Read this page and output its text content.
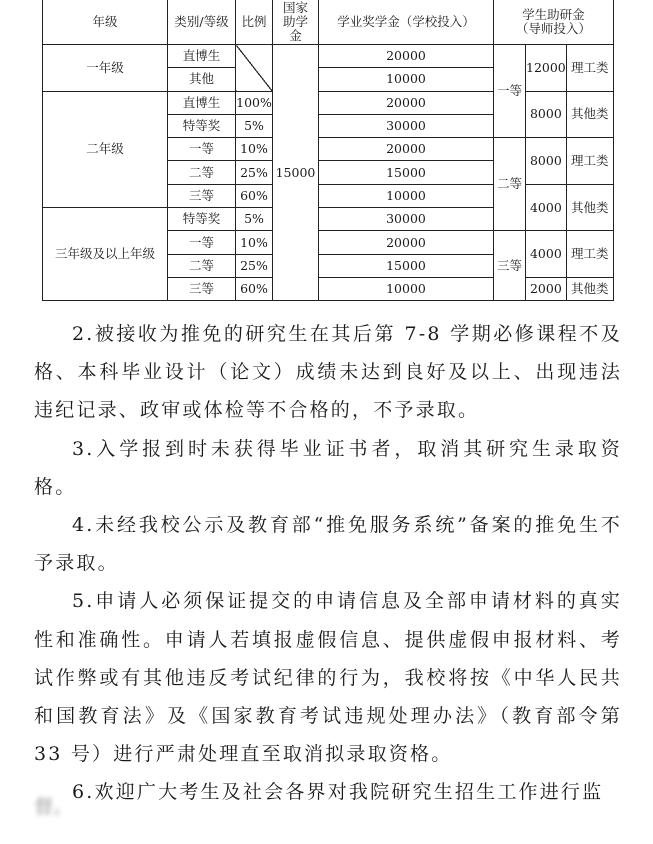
年级	类别/等级	比例	国家助学金	学业奖学金（学校投入）	学生助研金
（导师投入）		

一年级	直博生		15000	20000	一等	12000	理工类
	其他			10000			
二年级	直博生	100%		20000		8000	其他类
	特等奖	5%		30000			
	一等	10%		20000	二等	8000	理工类
	二等	25%		15000			
	三等	60%		10000		4000	其他类
三年级及以上年级	特等奖	5%		30000			
	一等	10%		20000	三等	4000	理工类
	二等	25%		15000			
	三等	60%		10000		2000	其他类

2.被接收为推免的研究生在其后第 7-8 学期必修课程不及格、本科毕业设计（论文）成绩未达到良好及以上、出现违法违纪记录、政审或体检等不合格的，不予录取。

3.入学报到时未获得毕业证书者，取消其研究生录取资格。

4.未经我校公示及教育部“推免服务系统”备案的推免生不予录取。

5.申请人必须保证提交的申请信息及全部申请材料的真实性和准确性。申请人若填报虚假信息、提供虚假申报材料、考试作弊或有其他违反考试纪律的行为，我校将按《中华人民共和国教育法》及《国家教育考试违规处理办法》（教育部令第 33 号）进行严肃处理直至取消拟录取资格。

6.欢迎广大考生及社会各界对我院研究生招生工作进行监

督。
